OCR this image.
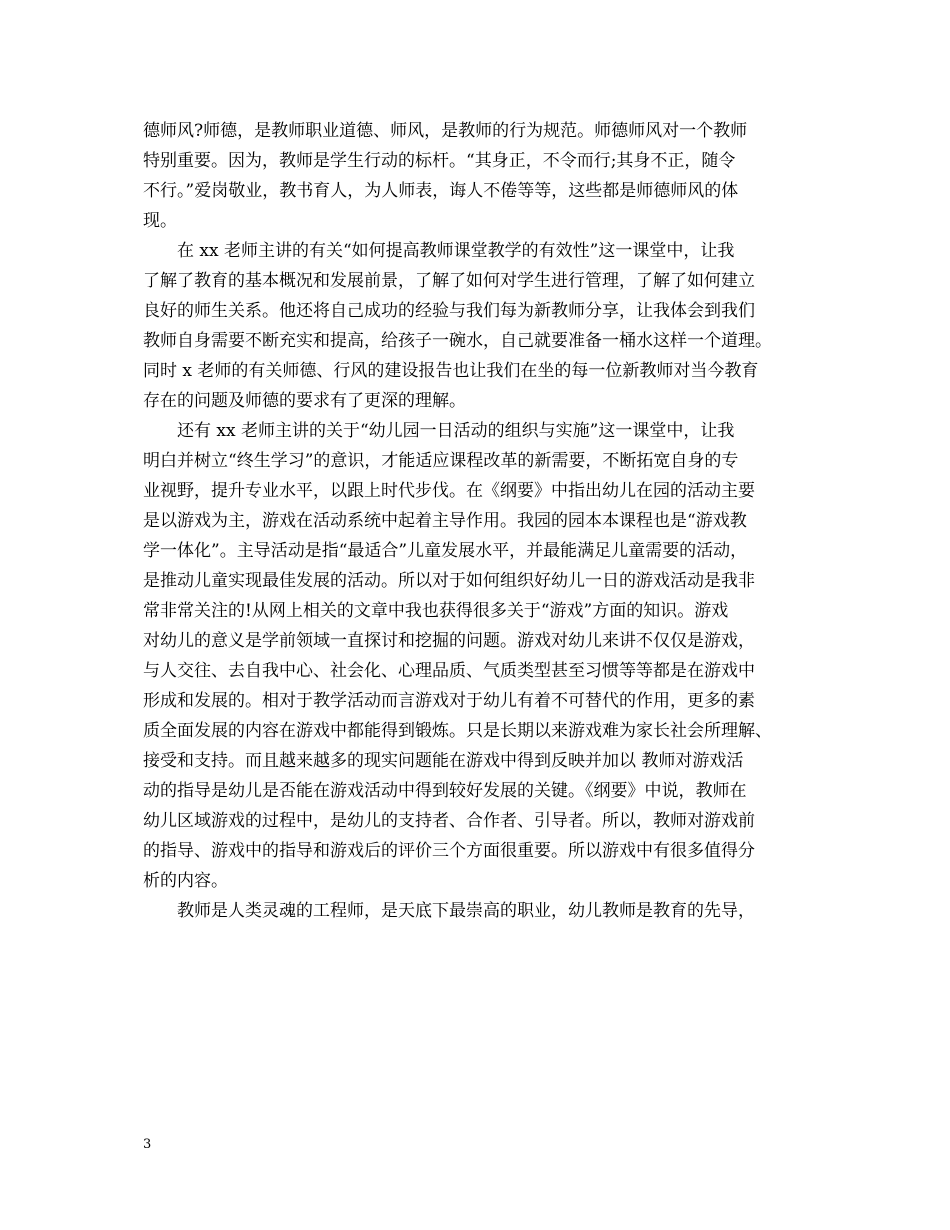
德师风?师德，是教师职业道德、师风，是教师的行为规范。师德师风对一个教师
特别重要。因为，教师是学生行动的标杆。“其身正，不令而行;其身不正，随令
不行。”爱岗敬业，教书育人，为人师表，诲人不倦等等，这些都是师德师风的体
现。
　　在 xx 老师主讲的有关“如何提高教师课堂教学的有效性”这一课堂中，让我
了解了教育的基本概况和发展前景，了解了如何对学生进行管理，了解了如何建立
良好的师生关系。他还将自己成功的经验与我们每为新教师分享，让我体会到我们
教师自身需要不断充实和提高，给孩子一碗水，自己就要准备一桶水这样一个道理。
同时 x 老师的有关师德、行风的建设报告也让我们在坐的每一位新教师对当今教育
存在的问题及师德的要求有了更深的理解。
　　还有 xx 老师主讲的关于“幼儿园一日活动的组织与实施”这一课堂中，让我
明白并树立“终生学习”的意识，才能适应课程改革的新需要，不断拓宽自身的专
业视野，提升专业水平，以跟上时代步伐。在《纲要》中指出幼儿在园的活动主要
是以游戏为主，游戏在活动系统中起着主导作用。我园的园本本课程也是“游戏教
学一体化”。主导活动是指“最适合”儿童发展水平，并最能满足儿童需要的活动，
是推动儿童实现最佳发展的活动。所以对于如何组织好幼儿一日的游戏活动是我非
常非常关注的!从网上相关的文章中我也获得很多关于“游戏”方面的知识。游戏
对幼儿的意义是学前领域一直探讨和挖掘的问题。游戏对幼儿来讲不仅仅是游戏，
与人交往、去自我中心、社会化、心理品质、气质类型甚至习惯等等都是在游戏中
形成和发展的。相对于教学活动而言游戏对于幼儿有着不可替代的作用，更多的素
质全面发展的内容在游戏中都能得到锻炼。只是长期以来游戏难为家长社会所理解、
接受和支持。而且越来越多的现实问题能在游戏中得到反映并加以 教师对游戏活
动的指导是幼儿是否能在游戏活动中得到较好发展的关键。《纲要》中说，教师在
幼儿区域游戏的过程中，是幼儿的支持者、合作者、引导者。所以，教师对游戏前
的指导、游戏中的指导和游戏后的评价三个方面很重要。所以游戏中有很多值得分
析的内容。
　　教师是人类灵魂的工程师，是天底下最崇高的职业，幼儿教师是教育的先导，
3
